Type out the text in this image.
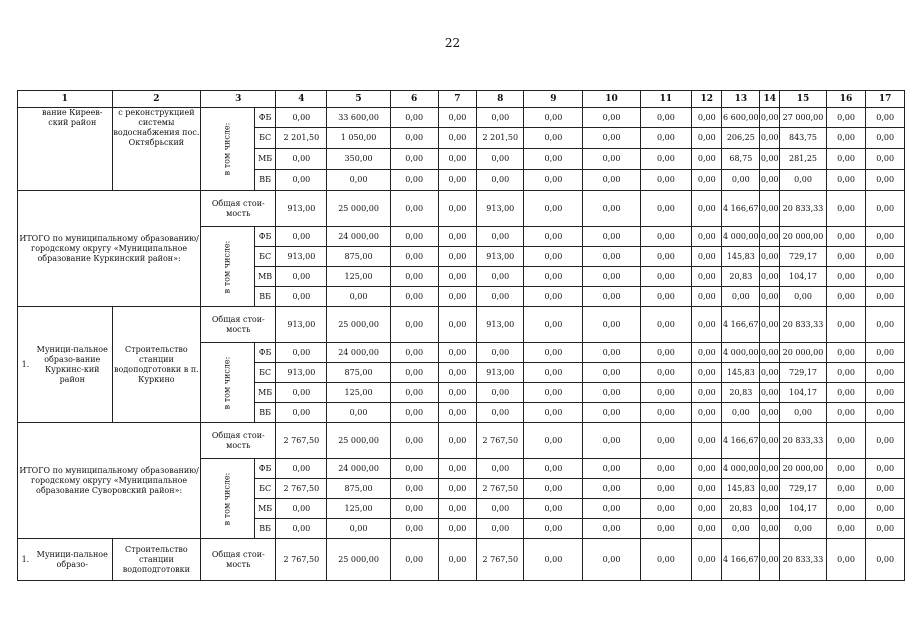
22
1		2	3		4	5	6	7	8	9	10	11	12	13	14	15	16	17
	вание Киреев-ский район	с реконструкцией системы водоснабжения пос. Октябрьский	в том числе:	ФБ	0,00	33 600,00	0,00	0,00	0,00	0,00	0,00	0,00	0,00	6 600,00	0,00	27 000,00	0,00	0,00
				БС	2 201,50	1 050,00	0,00	0,00	2 201,50	0,00	0,00	0,00	0,00	206,25	0,00	843,75	0,00	0,00
				МБ	0,00	350,00	0,00	0,00	0,00	0,00	0,00	0,00	0,00	68,75	0,00	281,25	0,00	0,00
				ВБ	0,00	0,00	0,00	0,00	0,00	0,00	0,00	0,00	0,00	0,00	0,00	0,00	0,00	0,00
ИТОГО по муниципальному образованию/ городскому округу «Муниципальное образование Куркинский район»:			Общая стои-мость		913,00	25 000,00	0,00	0,00	913,00	0,00	0,00	0,00	0,00	4 166,67	0,00	20 833,33	0,00	0,00
			в том числе:	ФБ	0,00	24 000,00	0,00	0,00	0,00	0,00	0,00	0,00	0,00	4 000,00	0,00	20 000,00	0,00	0,00
				БС	913,00	875,00	0,00	0,00	913,00	0,00	0,00	0,00	0,00	145,83	0,00	729,17	0,00	0,00
				МВ	0,00	125,00	0,00	0,00	0,00	0,00	0,00	0,00	0,00	20,83	0,00	104,17	0,00	0,00
				ВБ	0,00	0,00	0,00	0,00	0,00	0,00	0,00	0,00	0,00	0,00	0,00	0,00	0,00	0,00
1.	Муници-пальное образо-вание Куркинс-кий район	Строительство станции водоподготовки в п. Куркино	Общая стои-мость		913,00	25 000,00	0,00	0,00	913,00	0,00	0,00	0,00	0,00	4 166,67	0,00	20 833,33	0,00	0,00
			в том числе:	ФБ	0,00	24 000,00	0,00	0,00	0,00	0,00	0,00	0,00	0,00	4 000,00	0,00	20 000,00	0,00	0,00
				БС	913,00	875,00	0,00	0,00	913,00	0,00	0,00	0,00	0,00	145,83	0,00	729,17	0,00	0,00
				МБ	0,00	125,00	0,00	0,00	0,00	0,00	0,00	0,00	0,00	20,83	0,00	104,17	0,00	0,00
				ВБ	0,00	0,00	0,00	0,00	0,00	0,00	0,00	0,00	0,00	0,00	0,00	0,00	0,00	0,00
ИТОГО по муниципальному образованию/ городскому округу «Муниципальное образование Суворовский район»:			Общая стои-мость		2 767,50	25 000,00	0,00	0,00	2 767,50	0,00	0,00	0,00	0,00	4 166,67	0,00	20 833,33	0,00	0,00
			в том числе:	ФБ	0,00	24 000,00	0,00	0,00	0,00	0,00	0,00	0,00	0,00	4 000,00	0,00	20 000,00	0,00	0,00
				БС	2 767,50	875,00	0,00	0,00	2 767,50	0,00	0,00	0,00	0,00	145,83	0,00	729,17	0,00	0,00
				МБ	0,00	125,00	0,00	0,00	0,00	0,00	0,00	0,00	0,00	20,83	0,00	104,17	0,00	0,00
				ВБ	0,00	0,00	0,00	0,00	0,00	0,00	0,00	0,00	0,00	0,00	0,00	0,00	0,00	0,00
1.	Муници-пальное образо-	Строительство станции водоподготовки	Общая стои-мость		2 767,50	25 000,00	0,00	0,00	2 767,50	0,00	0,00	0,00	0,00	4 166,67	0,00	20 833,33	0,00	0,00
